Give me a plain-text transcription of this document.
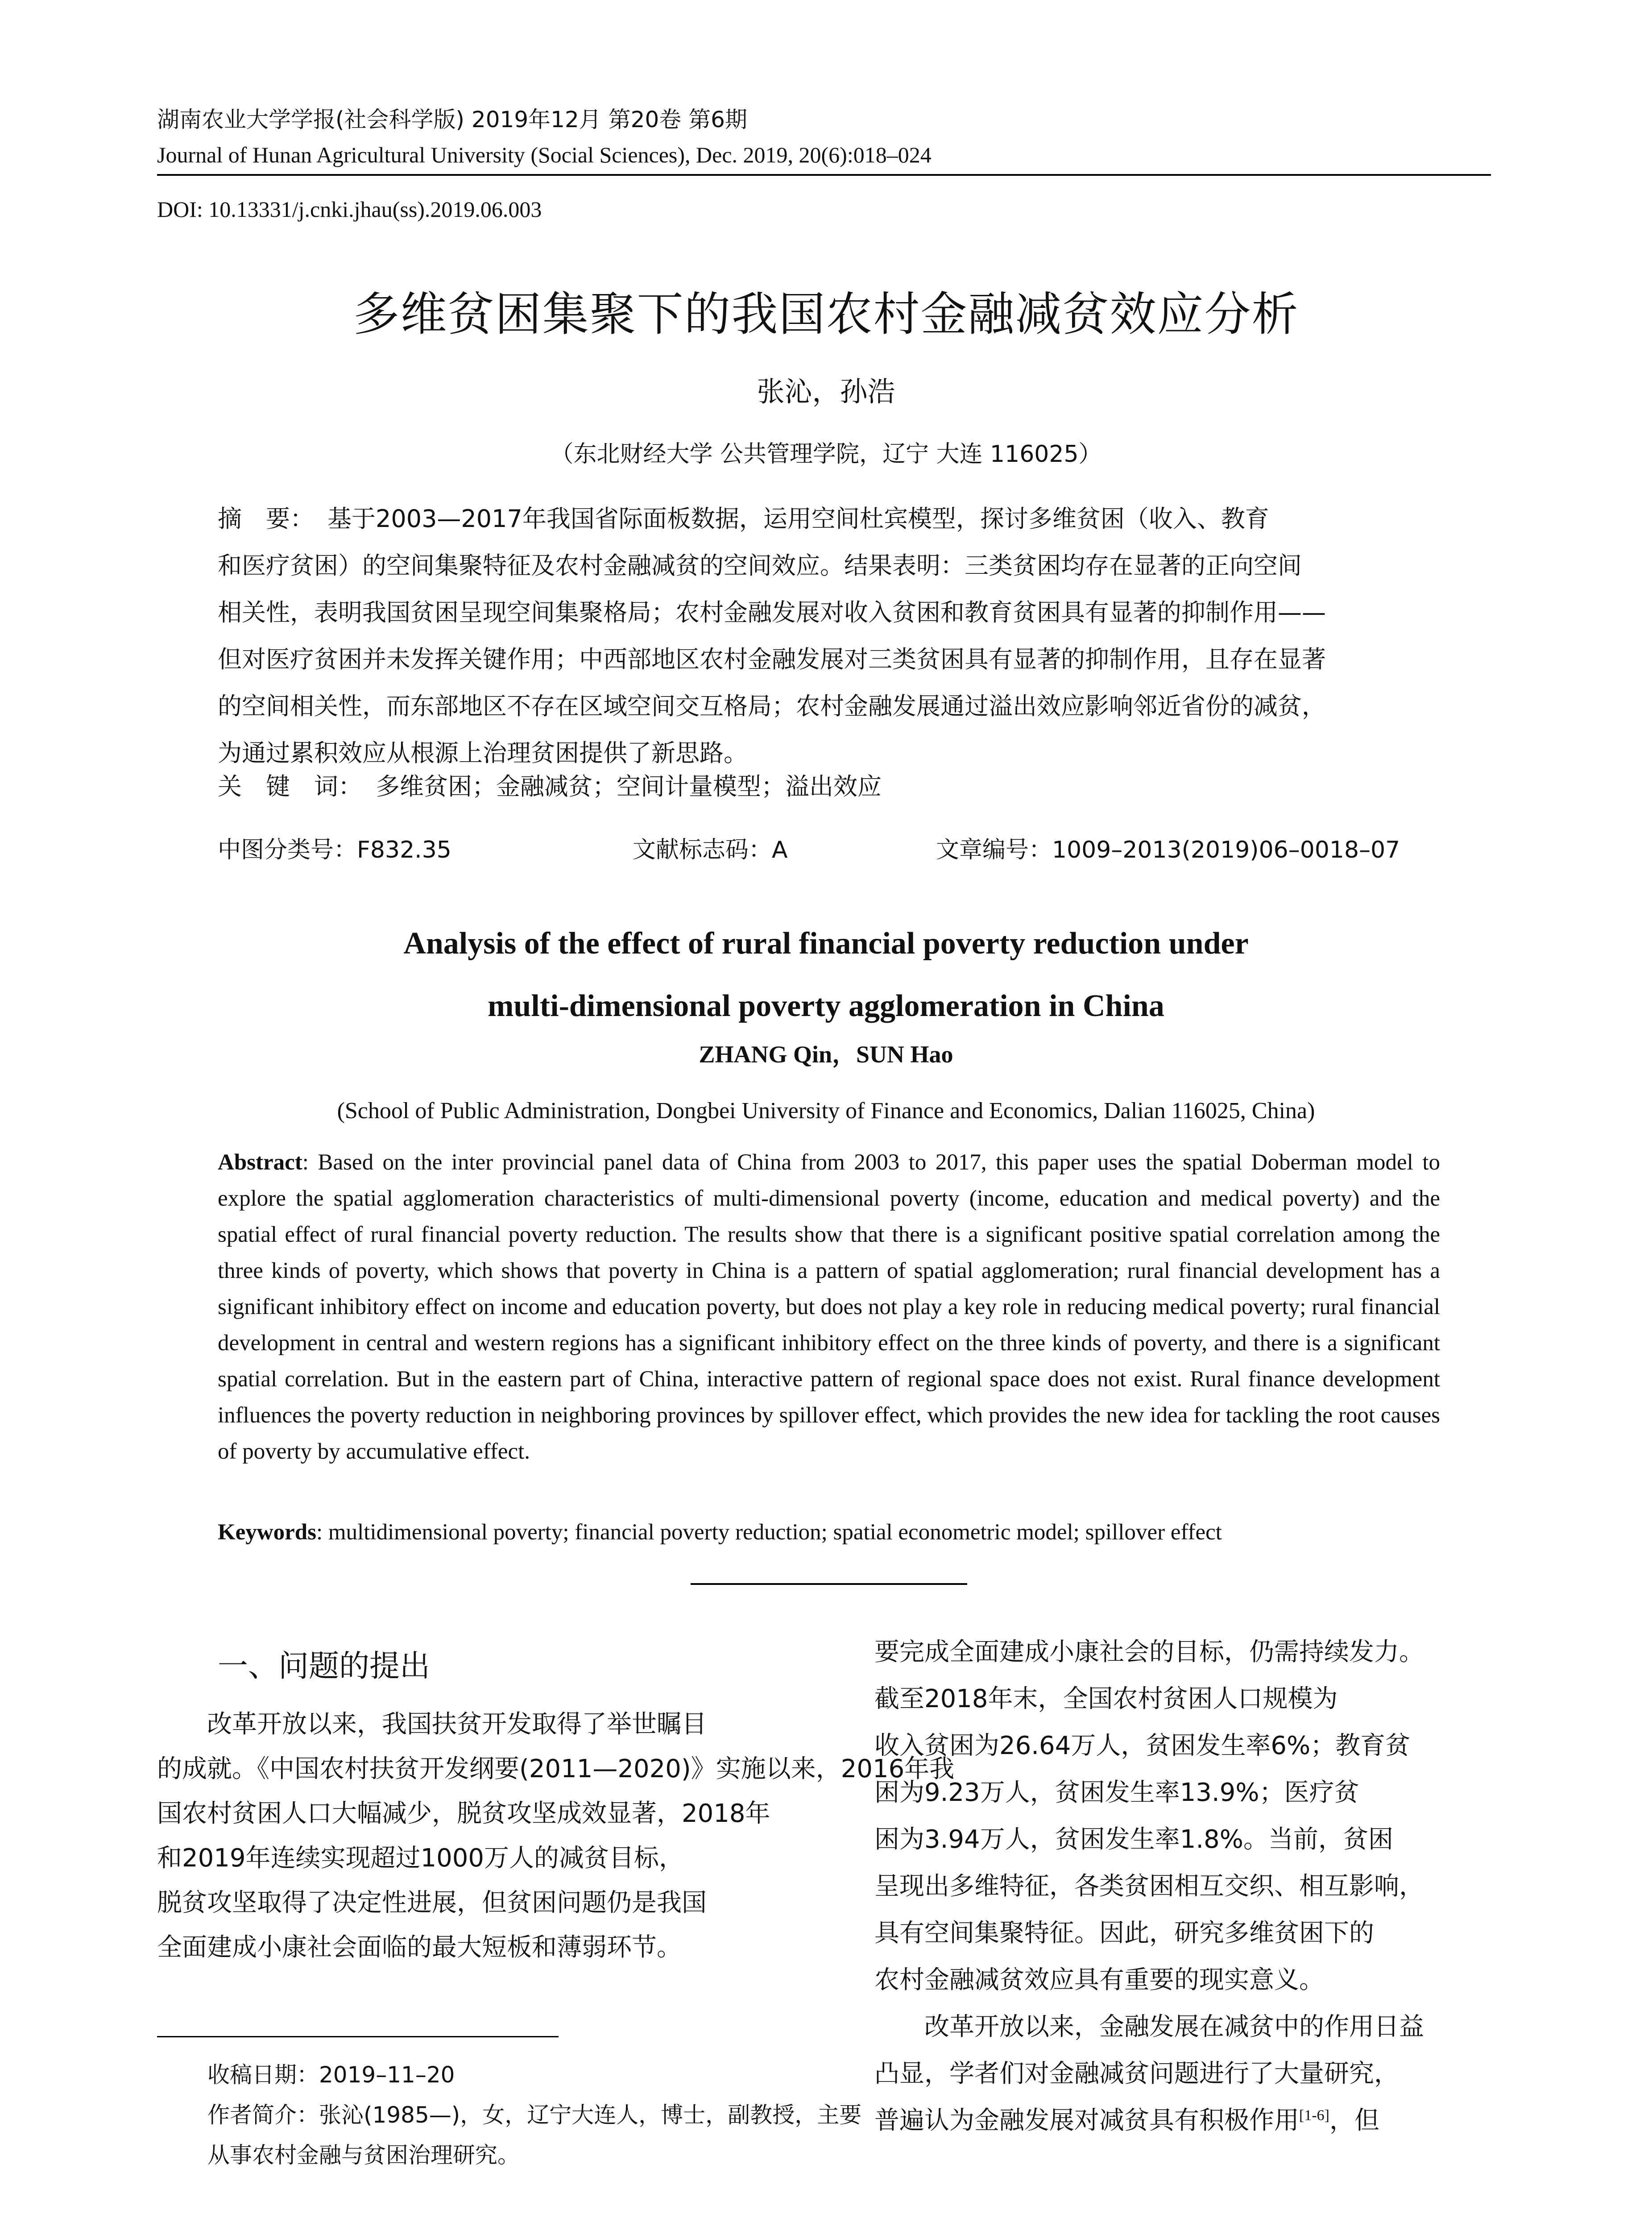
湖南农业大学学报(社会科学版) 2019年12月 第20卷 第6期
Journal of Hunan Agricultural University (Social Sciences), Dec. 2019, 20(6):018–024
DOI: 10.13331/j.cnki.jhau(ss).2019.06.003
多维贫困集聚下的我国农村金融减贫效应分析
张沁，孙浩
（东北财经大学 公共管理学院，辽宁 大连 116025）
摘　要： 基于2003—2017年我国省际面板数据，运用空间杜宾模型，探讨多维贫困（收入、教育
和医疗贫困）的空间集聚特征及农村金融减贫的空间效应。结果表明：三类贫困均存在显著的正向空间
相关性，表明我国贫困呈现空间集聚格局；农村金融发展对收入贫困和教育贫困具有显著的抑制作用——
但对医疗贫困并未发挥关键作用；中西部地区农村金融发展对三类贫困具有显著的抑制作用，且存在显著
的空间相关性，而东部地区不存在区域空间交互格局；农村金融发展通过溢出效应影响邻近省份的减贫，
为通过累积效应从根源上治理贫困提供了新思路。
关　键　词： 多维贫困；金融减贫；空间计量模型；溢出效应
中图分类号：F832.35	文献标志码：A	文章编号：1009–2013(2019)06–0018–07
Analysis of the effect of rural financial poverty reduction under
multi-dimensional poverty agglomeration in China
ZHANG Qin，SUN Hao
(School of Public Administration, Dongbei University of Finance and Economics, Dalian 116025, China)
Abstract: Based on the inter provincial panel data of China from 2003 to 2017, this paper uses the spatial Doberman model to explore the spatial agglomeration characteristics of multi-dimensional poverty (income, education and medical poverty) and the spatial effect of rural financial poverty reduction. The results show that there is a significant positive spatial correlation among the three kinds of poverty, which shows that poverty in China is a pattern of spatial agglomeration; rural financial development has a significant inhibitory effect on income and education poverty, but does not play a key role in reducing medical poverty; rural financial development in central and western regions has a significant inhibitory effect on the three kinds of poverty, and there is a significant spatial correlation. But in the eastern part of China, interactive pattern of regional space does not exist. Rural finance development influences the poverty reduction in neighboring provinces by spillover effect, which provides the new idea for tackling the root causes of poverty by accumulative effect.
Keywords: multidimensional poverty; financial poverty reduction; spatial econometric model; spillover effect
一、问题的提出

改革开放以来，我国扶贫开发取得了举世瞩目

的成就。《中国农村扶贫开发纲要(2011—2020)》实施以来，2016年我

国农村贫困人口大幅减少，脱贫攻坚成效显著，2018年

和2019年连续实现超过1000万人的减贫目标，

脱贫攻坚取得了决定性进展，但贫困问题仍是我国

全面建成小康社会面临的最大短板和薄弱环节。

要完成全面建成小康社会的目标，仍需持续发力。

截至2018年末，全国农村贫困人口规模为

收入贫困为26.64万人，贫困发生率6%；教育贫

困为9.23万人，贫困发生率13.9%；医疗贫

困为3.94万人，贫困发生率1.8%。当前，贫困

呈现出多维特征，各类贫困相互交织、相互影响，

具有空间集聚特征。因此，研究多维贫困下的

农村金融减贫效应具有重要的现实意义。

改革开放以来，金融发展在减贫中的作用日益

凸显，学者们对金融减贫问题进行了大量研究，

普遍认为金融发展对减贫具有积极作用[1-6]，但

收稿日期：2019–11–20
作者简介：张沁(1985—)，女，辽宁大连人，博士，副教授，主要
从事农村金融与贫困治理研究。
